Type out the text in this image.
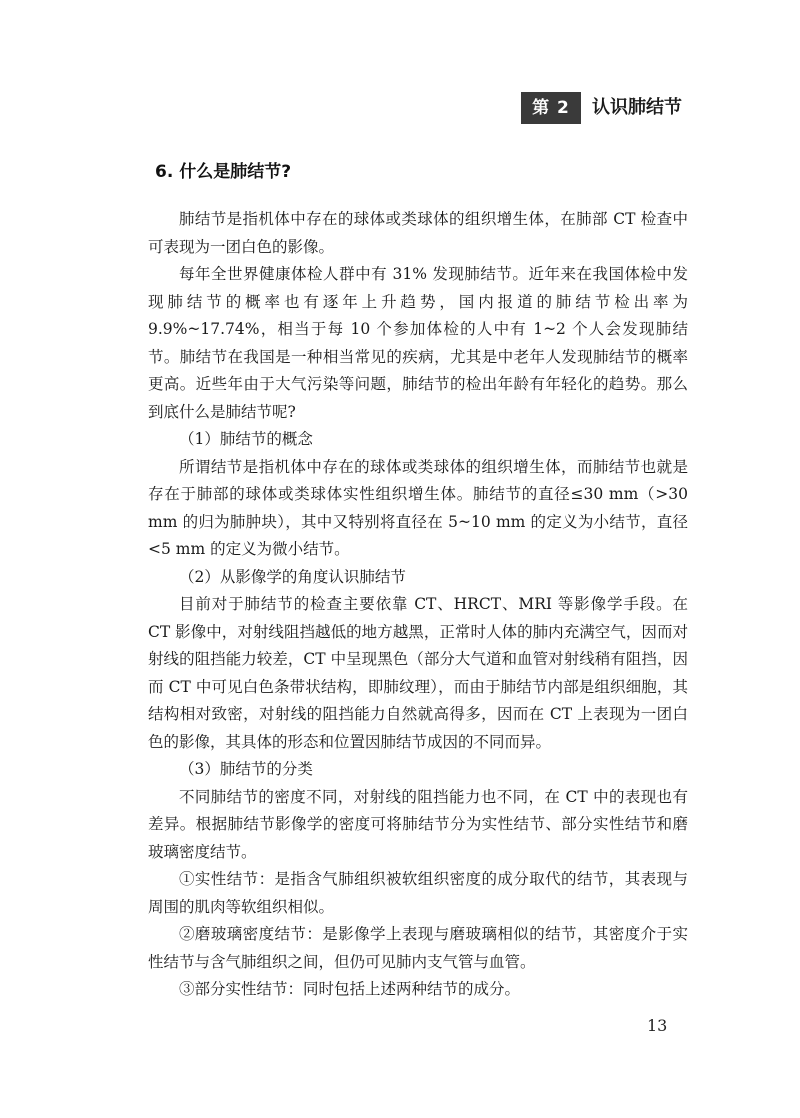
第 2 章
认识肺结节
6. 什么是肺结节?

肺结节是指机体中存在的球体或类球体的组织增生体，在肺部 CT 检查中可表现为一团白色的影像。

每年全世界健康体检人群中有 31% 发现肺结节。近年来在我国体检中发现肺结节的概率也有逐年上升趋势，国内报道的肺结节检出率为 9.9%~17.74%，相当于每 10 个参加体检的人中有 1~2 个人会发现肺结节。肺结节在我国是一种相当常见的疾病，尤其是中老年人发现肺结节的概率更高。近些年由于大气污染等问题，肺结节的检出年龄有年轻化的趋势。那么到底什么是肺结节呢?

（1）肺结节的概念

所谓结节是指机体中存在的球体或类球体的组织增生体，而肺结节也就是存在于肺部的球体或类球体实性组织增生体。肺结节的直径≤30 mm（>30 mm 的归为肺肿块），其中又特别将直径在 5~10 mm 的定义为小结节，直径<5 mm 的定义为微小结节。

（2）从影像学的角度认识肺结节

目前对于肺结节的检查主要依靠 CT、HRCT、MRI 等影像学手段。在 CT 影像中，对射线阻挡越低的地方越黑，正常时人体的肺内充满空气，因而对射线的阻挡能力较差，CT 中呈现黑色（部分大气道和血管对射线稍有阻挡，因而 CT 中可见白色条带状结构，即肺纹理），而由于肺结节内部是组织细胞，其结构相对致密，对射线的阻挡能力自然就高得多，因而在 CT 上表现为一团白色的影像，其具体的形态和位置因肺结节成因的不同而异。

（3）肺结节的分类

不同肺结节的密度不同，对射线的阻挡能力也不同，在 CT 中的表现也有差异。根据肺结节影像学的密度可将肺结节分为实性结节、部分实性结节和磨玻璃密度结节。

①实性结节：是指含气肺组织被软组织密度的成分取代的结节，其表现与周围的肌肉等软组织相似。

②磨玻璃密度结节：是影像学上表现与磨玻璃相似的结节，其密度介于实性结节与含气肺组织之间，但仍可见肺内支气管与血管。

③部分实性结节：同时包括上述两种结节的成分。

13
